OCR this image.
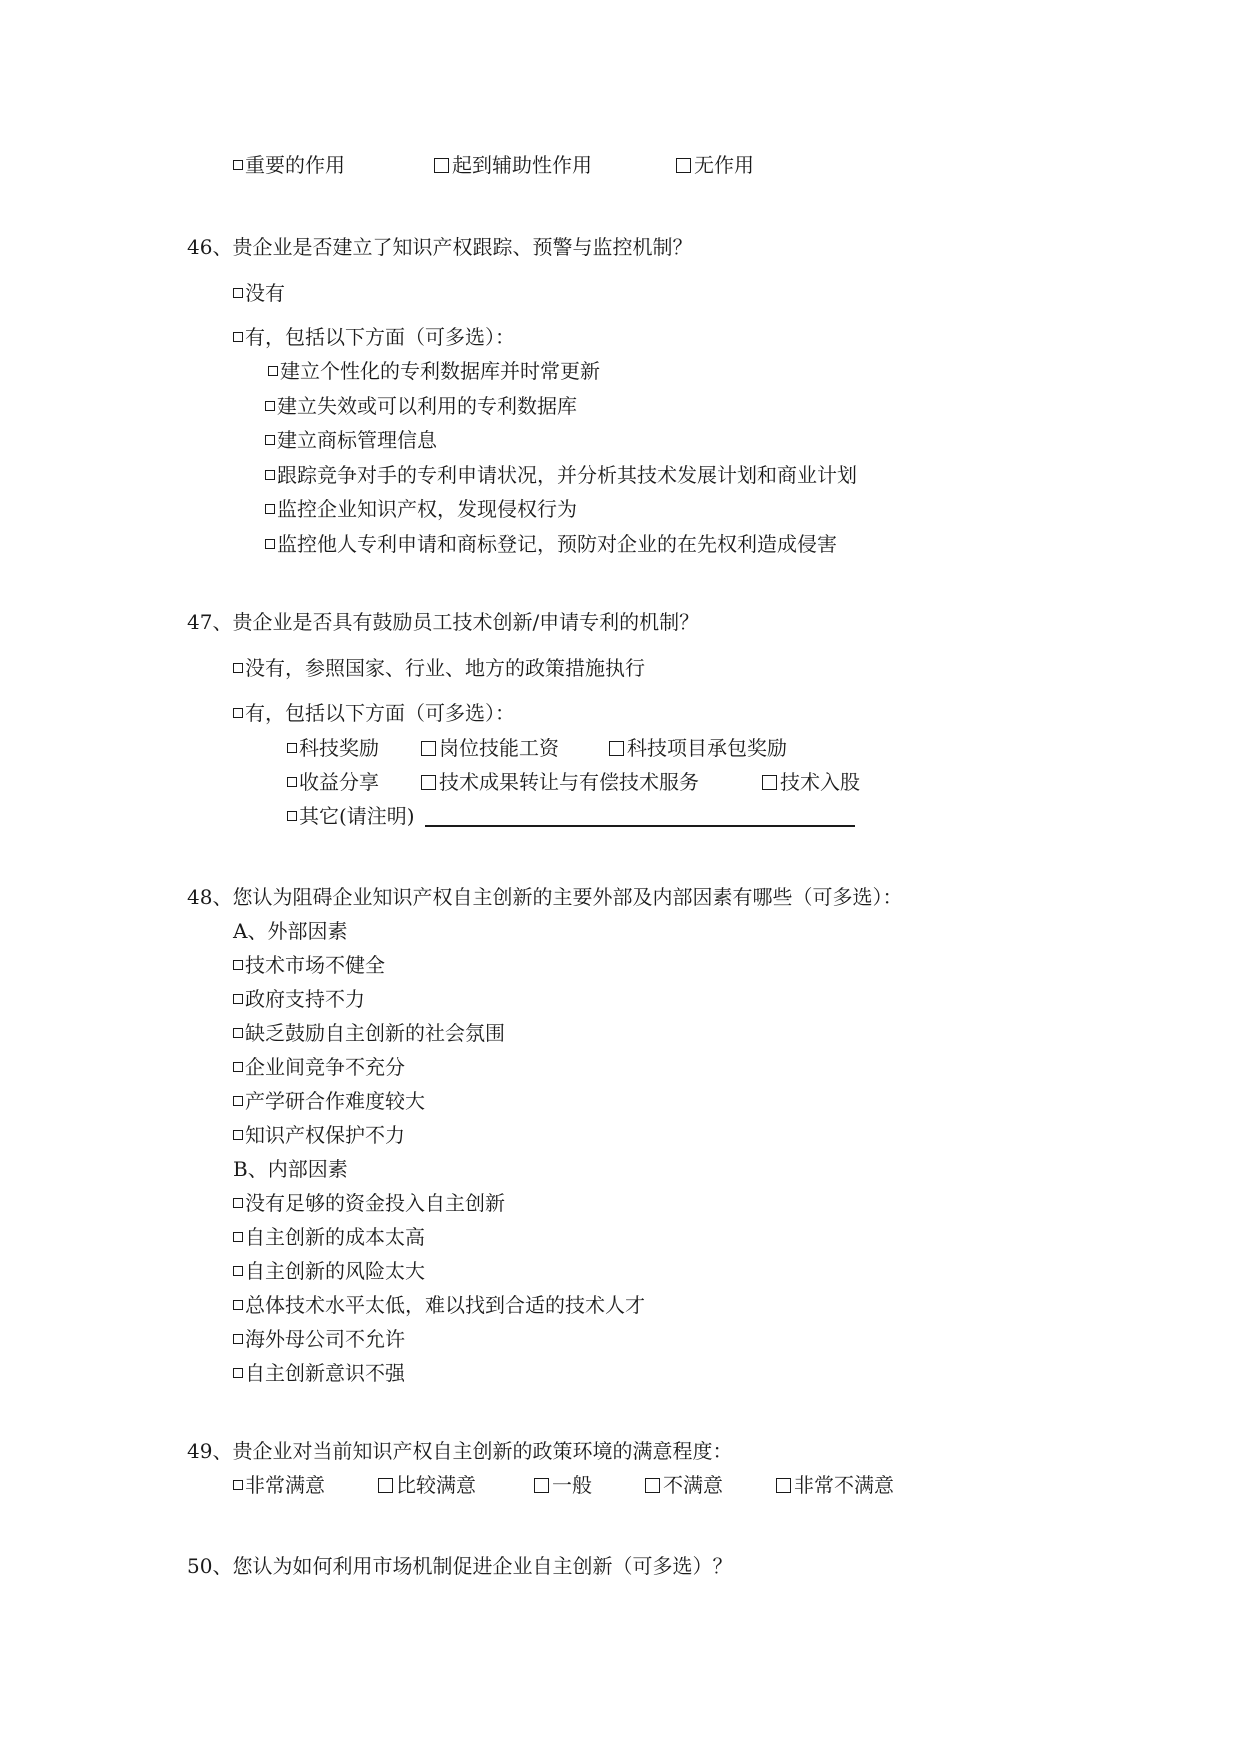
重要的作用	起到辅助性作用	无作用
46、贵企业是否建立了知识产权跟踪、预警与监控机制？
没有
有，包括以下方面（可多选）：
建立个性化的专利数据库并时常更新
建立失效或可以利用的专利数据库
建立商标管理信息
跟踪竞争对手的专利申请状况，并分析其技术发展计划和商业计划
监控企业知识产权，发现侵权行为
监控他人专利申请和商标登记，预防对企业的在先权利造成侵害
47、贵企业是否具有鼓励员工技术创新/申请专利的机制？
没有，参照国家、行业、地方的政策措施执行
有，包括以下方面（可多选）：
科技奖励	岗位技能工资	科技项目承包奖励
收益分享	技术成果转让与有偿技术服务	技术入股
其它(请注明)
48、您认为阻碍企业知识产权自主创新的主要外部及内部因素有哪些（可多选）：
A、外部因素
技术市场不健全
政府支持不力
缺乏鼓励自主创新的社会氛围
企业间竞争不充分
产学研合作难度较大
知识产权保护不力
B、内部因素
没有足够的资金投入自主创新
自主创新的成本太高
自主创新的风险太大
总体技术水平太低，难以找到合适的技术人才
海外母公司不允许
自主创新意识不强
49、贵企业对当前知识产权自主创新的政策环境的满意程度：
非常满意	比较满意	一般	不满意	非常不满意
50、您认为如何利用市场机制促进企业自主创新（可多选）？
